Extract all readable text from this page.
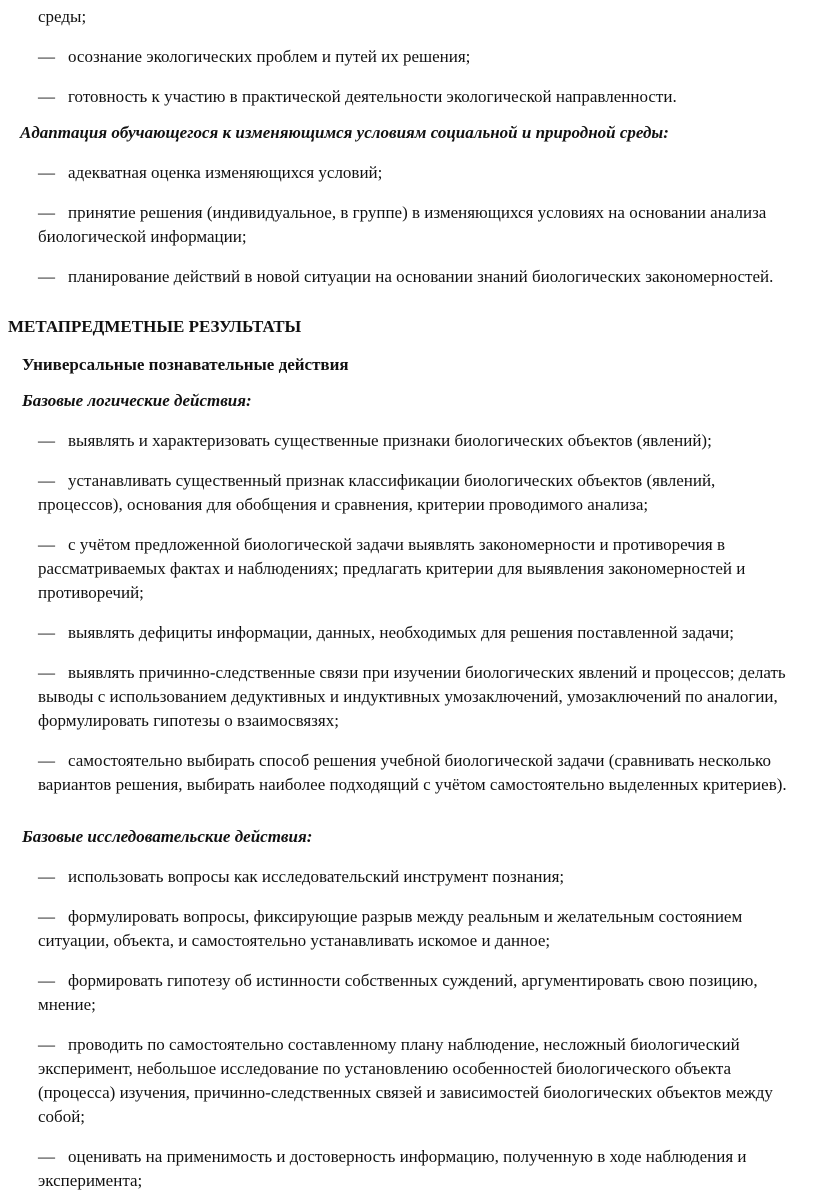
среды;

— осознание экологических проблем и путей их решения;

— готовность к участию в практической деятельности экологической направленности.

Адаптация обучающегося к изменяющимся условиям социальной и природной среды:

— адекватная оценка изменяющихся условий;

— принятие решения (индивидуальное, в группе) в изменяющихся условиях на основании анализа биологической информации;

— планирование действий в новой ситуации на основании знаний биологических закономерностей.

МЕТАПРЕДМЕТНЫЕ РЕЗУЛЬТАТЫ

Универсальные познавательные действия

Базовые логические действия:

— выявлять и характеризовать существенные признаки биологических объектов (явлений);

— устанавливать существенный признак классификации биологических объектов (явлений, процессов), основания для обобщения и сравнения, критерии проводимого анализа;

— с учётом предложенной биологической задачи выявлять закономерности и противоречия в рассматриваемых фактах и наблюдениях; предлагать критерии для выявления закономерностей и противоречий;

— выявлять дефициты информации, данных, необходимых для решения поставленной задачи;

— выявлять причинно-следственные связи при изучении биологических явлений и процессов; делать выводы с использованием дедуктивных и индуктивных умозаключений, умозаключений по аналогии, формулировать гипотезы о взаимосвязях;

— самостоятельно выбирать способ решения учебной биологической задачи (сравнивать несколько вариантов решения, выбирать наиболее подходящий с учётом самостоятельно выделенных критериев).

Базовые исследовательские действия:

— использовать вопросы как исследовательский инструмент познания;

— формулировать вопросы, фиксирующие разрыв между реальным и желательным состоянием ситуации, объекта, и самостоятельно устанавливать искомое и данное;

— формировать гипотезу об истинности собственных суждений, аргументировать свою позицию, мнение;

— проводить по самостоятельно составленному плану наблюдение, несложный биологический эксперимент, небольшое исследование по установлению особенностей биологического объекта (процесса) изучения, причинно-следственных связей и зависимостей биологических объектов между собой;

— оценивать на применимость и достоверность информацию, полученную в ходе наблюдения и эксперимента;
